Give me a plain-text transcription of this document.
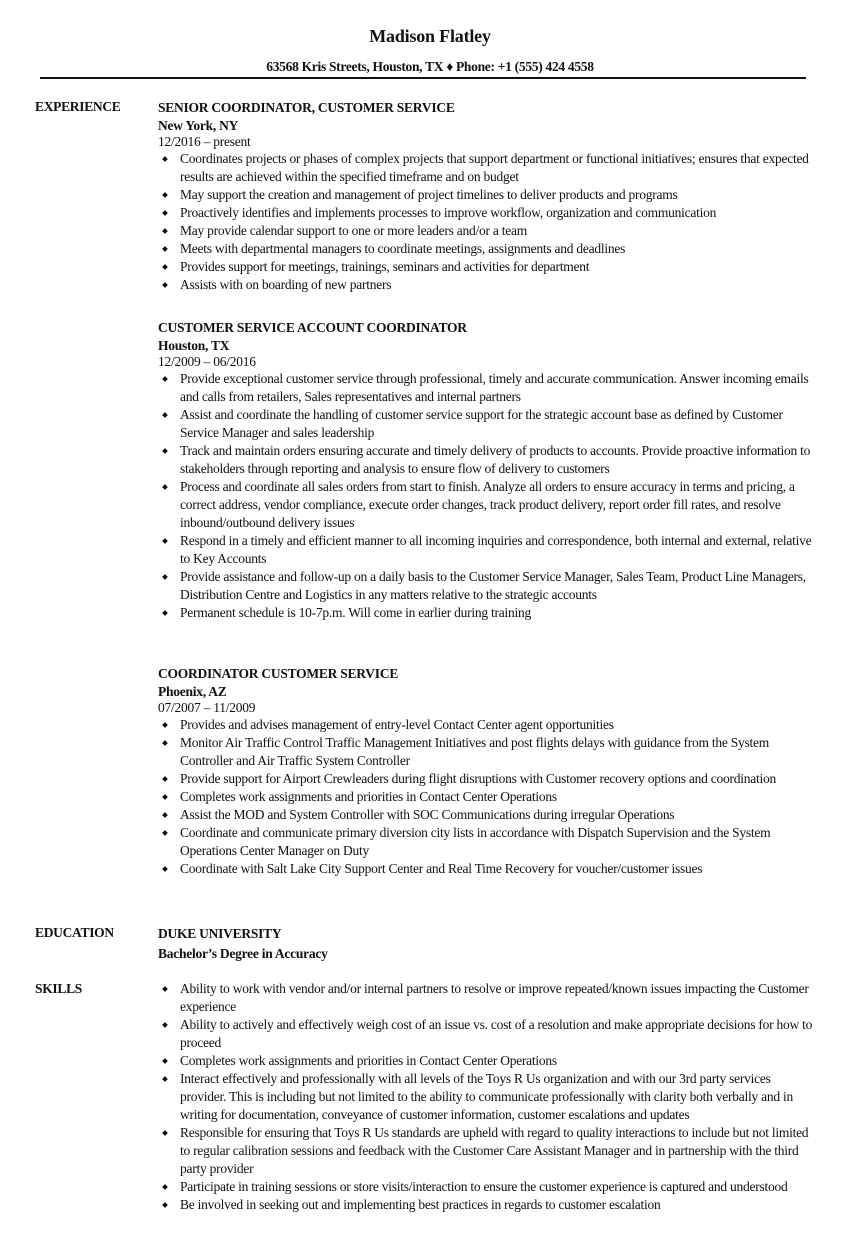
Madison Flatley
63568 Kris Streets, Houston, TX ♦ Phone: +1 (555) 424 4558
EXPERIENCE	SENIOR COORDINATOR, CUSTOMER SERVICE
New York, NY
12/2016 – present
Coordinates projects or phases of complex projects that support department or functional initiatives; ensures that expected results are achieved within the specified timeframe and on budget
May support the creation and management of project timelines to deliver products and programs
Proactively identifies and implements processes to improve workflow, organization and communication
May provide calendar support to one or more leaders and/or a team
Meets with departmental managers to coordinate meetings, assignments and deadlines
Provides support for meetings, trainings, seminars and activities for department
Assists with on boarding of new partners
CUSTOMER SERVICE ACCOUNT COORDINATOR
Houston, TX
12/2009 – 06/2016
Provide exceptional customer service through professional, timely and accurate communication. Answer incoming emails and calls from retailers, Sales representatives and internal partners
Assist and coordinate the handling of customer service support for the strategic account base as defined by Customer Service Manager and sales leadership
Track and maintain orders ensuring accurate and timely delivery of products to accounts. Provide proactive information to stakeholders through reporting and analysis to ensure flow of delivery to customers
Process and coordinate all sales orders from start to finish. Analyze all orders to ensure accuracy in terms and pricing, a correct address, vendor compliance, execute order changes, track product delivery, report order fill rates, and resolve inbound/outbound delivery issues
Respond in a timely and efficient manner to all incoming inquiries and correspondence, both internal and external, relative to Key Accounts
Provide assistance and follow-up on a daily basis to the Customer Service Manager, Sales Team, Product Line Managers, Distribution Centre and Logistics in any matters relative to the strategic accounts
Permanent schedule is 10-7p.m. Will come in earlier during training
COORDINATOR CUSTOMER SERVICE
Phoenix, AZ
07/2007 – 11/2009
Provides and advises management of entry-level Contact Center agent opportunities
Monitor Air Traffic Control Traffic Management Initiatives and post flights delays with guidance from the System Controller and Air Traffic System Controller
Provide support for Airport Crewleaders during flight disruptions with Customer recovery options and coordination
Completes work assignments and priorities in Contact Center Operations
Assist the MOD and System Controller with SOC Communications during irregular Operations
Coordinate and communicate primary diversion city lists in accordance with Dispatch Supervision and the System Operations Center Manager on Duty
Coordinate with Salt Lake City Support Center and Real Time Recovery for voucher/customer issues
EDUCATION	DUKE UNIVERSITY
Bachelor’s Degree in Accuracy
SKILLS	Ability to work with vendor and/or internal partners to resolve or improve repeated/known issues impacting the Customer experience
Ability to actively and effectively weigh cost of an issue vs. cost of a resolution and make appropriate decisions for how to proceed
Completes work assignments and priorities in Contact Center Operations
Interact effectively and professionally with all levels of the Toys R Us organization and with our 3rd party services provider. This is including but not limited to the ability to communicate professionally with clarity both verbally and in writing for documentation, conveyance of customer information, customer escalations and updates
Responsible for ensuring that Toys R Us standards are upheld with regard to quality interactions to include but not limited to regular calibration sessions and feedback with the Customer Care Assistant Manager and in partnership with the third party provider
Participate in training sessions or store visits/interaction to ensure the customer experience is captured and understood
Be involved in seeking out and implementing best practices in regards to customer escalation
